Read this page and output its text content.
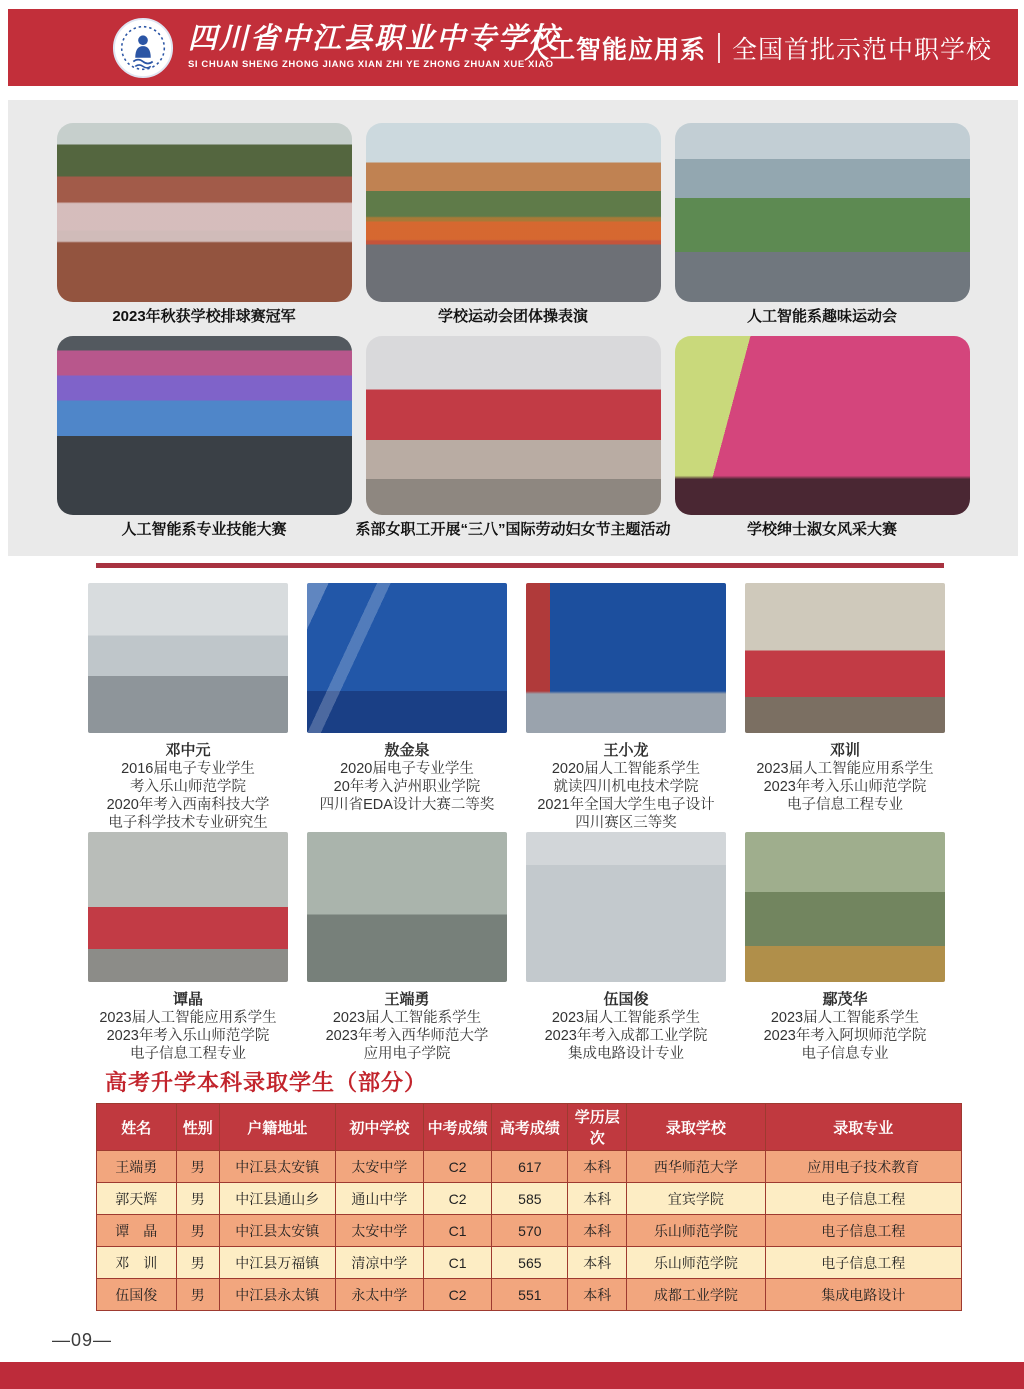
四川省中江县职业中专学校
SI CHUAN SHENG ZHONG JIANG XIAN ZHI YE ZHONG ZHUAN XUE XIAO
人工智能应用系 全国首批示范中职学校
2023年秋获学校排球赛冠军	学校运动会团体操表演	人工智能系趣味运动会
人工智能系专业技能大赛	系部女职工开展“三八”国际劳动妇女节主题活动	学校绅士淑女风采大赛
邓中元
2016届电子专业学生
考入乐山师范学院
2020年考入西南科技大学
电子科学技术专业研究生
敖金泉
2020届电子专业学生
20年考入泸州职业学院
四川省EDA设计大赛二等奖
王小龙
2020届人工智能系学生
就读四川机电技术学院
2021年全国大学生电子设计
四川赛区三等奖
邓训
2023届人工智能应用系学生
2023年考入乐山师范学院
电子信息工程专业
谭晶
2023届人工智能应用系学生
2023年考入乐山师范学院
电子信息工程专业
王端勇
2023届人工智能系学生
2023年考入西华师范大学
应用电子学院
伍国俊
2023届人工智能系学生
2023年考入成都工业学院
集成电路设计专业
鄢茂华
2023届人工智能系学生
2023年考入阿坝师范学院
电子信息专业
高考升学本科录取学生（部分）
姓名	性别	户籍地址	初中学校	中考成绩	高考成绩	学历层次	录取学校	录取专业
王端勇	男	中江县太安镇	太安中学	C2	617	本科	西华师范大学	应用电子技术教育
郭天辉	男	中江县通山乡	通山中学	C2	585	本科	宜宾学院	电子信息工程
谭　晶	男	中江县太安镇	太安中学	C1	570	本科	乐山师范学院	电子信息工程
邓　训	男	中江县万福镇	清凉中学	C1	565	本科	乐山师范学院	电子信息工程
伍国俊	男	中江县永太镇	永太中学	C2	551	本科	成都工业学院	集成电路设计
—09—
